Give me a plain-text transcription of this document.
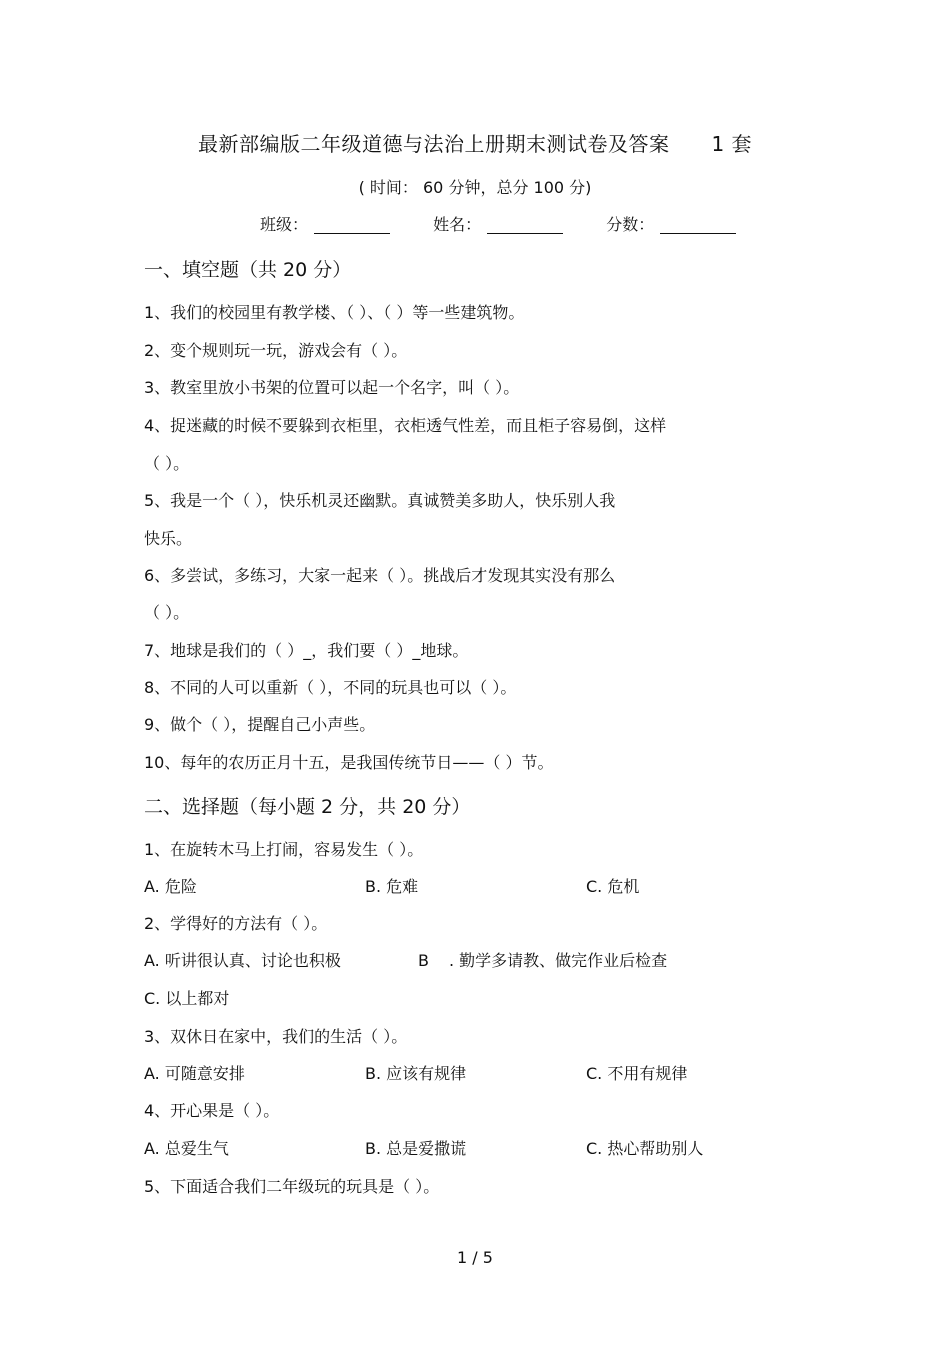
最新部编版二年级道德与法治上册期末测试卷及答案 1 套
( 时间： 60 分钟，总分 100 分)
班级：	姓名：	分数：
一、填空题（共 20 分）
1、我们的校园里有教学楼、（ ）、（ ）等一些建筑物。
2、变个规则玩一玩，游戏会有（ ）。
3、教室里放小书架的位置可以起一个名字，叫（ ）。
4、捉迷藏的时候不要躲到衣柜里，衣柜透气性差，而且柜子容易倒，这样
（ ）。
5、我是一个（ ），快乐机灵还幽默。真诚赞美多助人，快乐别人我
快乐。
6、多尝试，多练习，大家一起来（ ）。挑战后才发现其实没有那么
（ ）。
7、地球是我们的（ ）_，我们要（ ）_地球。
8、不同的人可以重新（ ），不同的玩具也可以（ ）。
9、做个（ ），提醒自己小声些。
10、每年的农历正月十五，是我国传统节日——（ ）节。
二、选择题（每小题 2 分，共 20 分）
1、在旋转木马上打闹，容易发生（ ）。
A. 危险	B. 危难	C. 危机
2、学得好的方法有（ ）。
A. 听讲很认真、讨论也积极	B . 勤学多请教、做完作业后检查
C. 以上都对
3、双休日在家中，我们的生活（ ）。
A. 可随意安排	B. 应该有规律	C. 不用有规律
4、开心果是（ ）。
A. 总爱生气	B. 总是爱撒谎	C. 热心帮助别人
5、下面适合我们二年级玩的玩具是（ ）。
1 / 5
